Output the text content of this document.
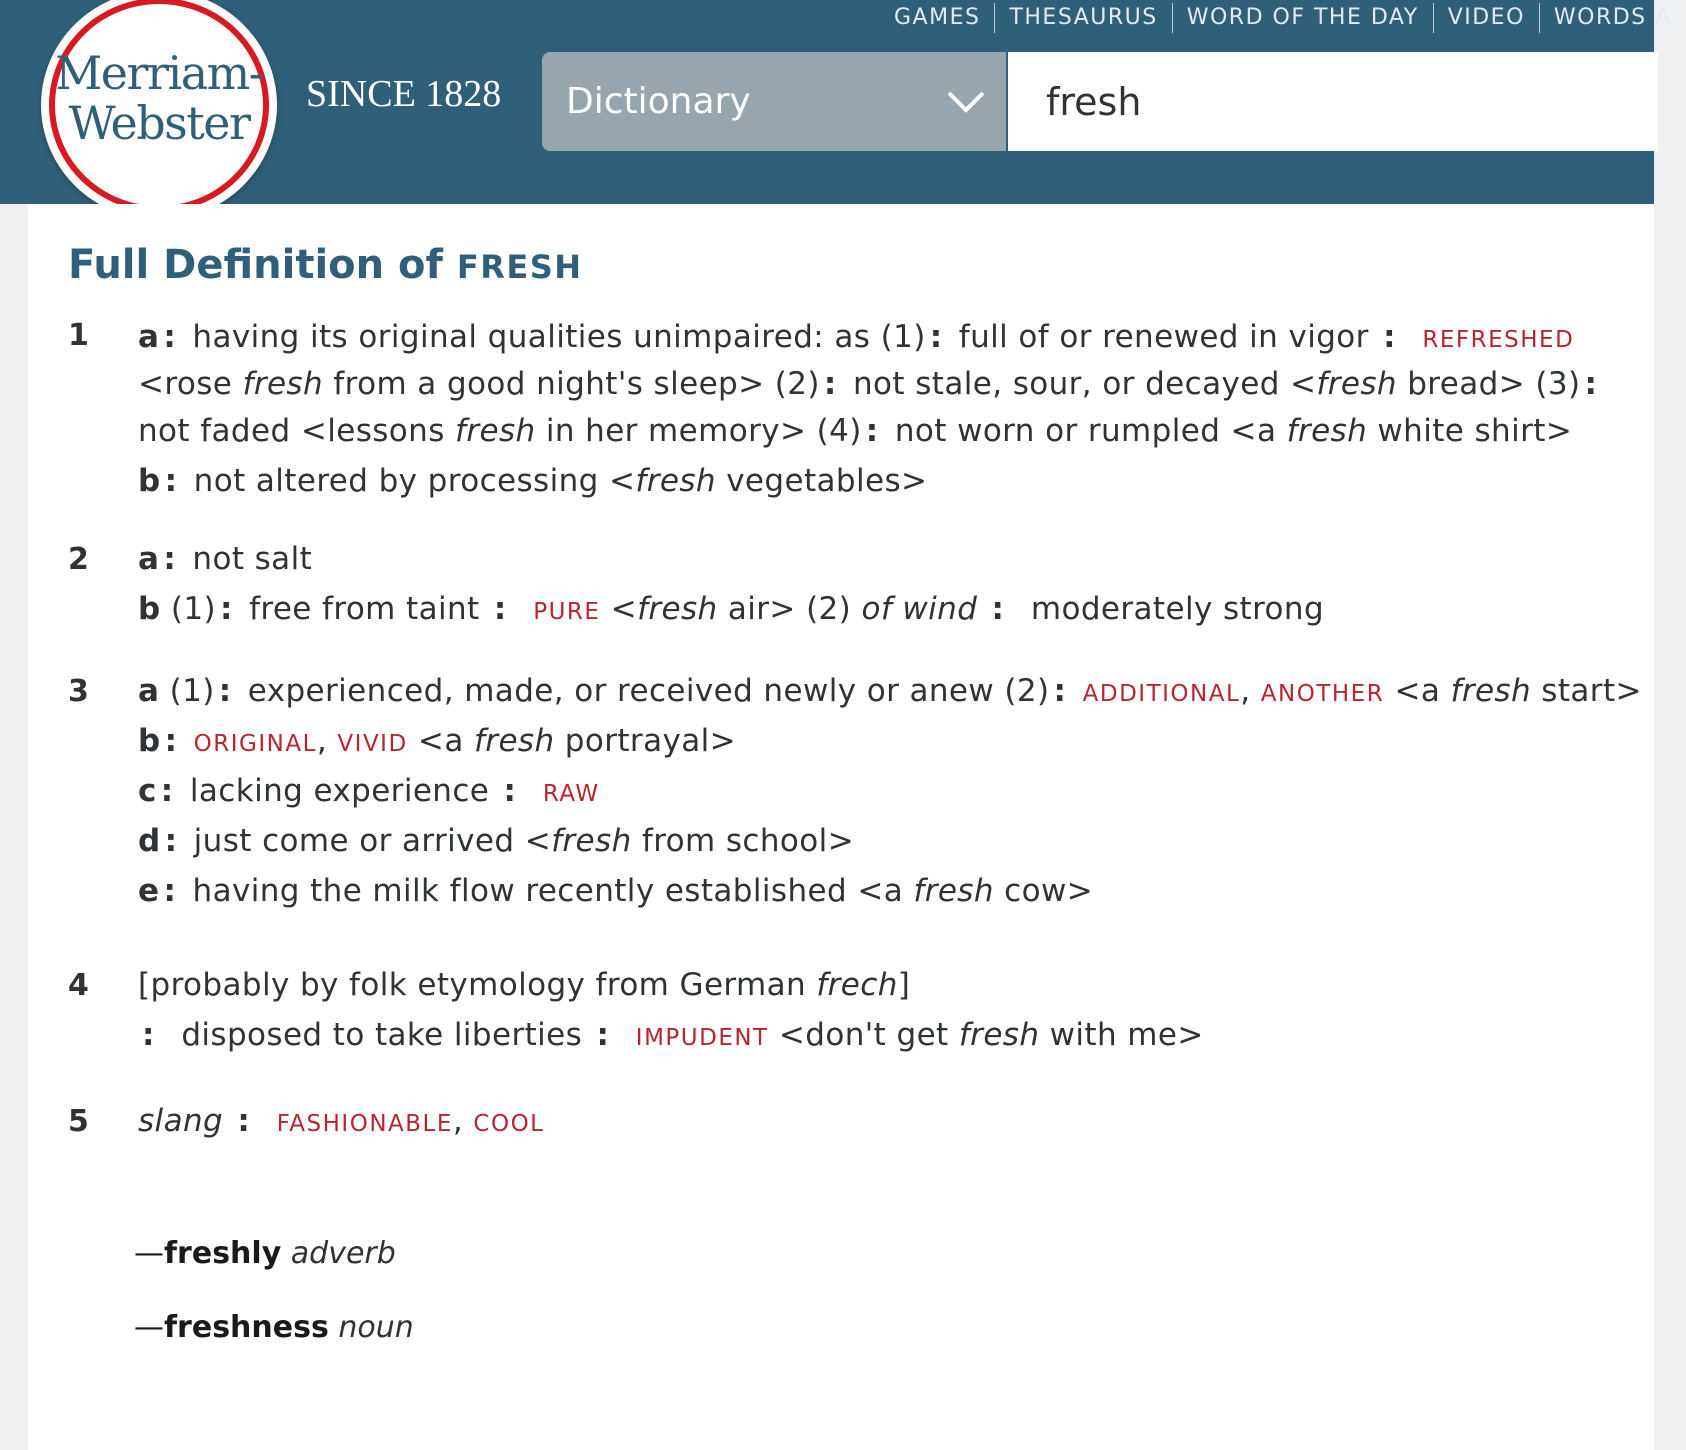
GAMES	THESAURUS	WORD OF THE DAY	VIDEO	WORDS A
Merriam-
Webster
SINCE 1828 Dictionary
fresh
Full Definition of FRESH
1 a : having its original qualities unimpaired: as (1) : full of or renewed in vigor : REFRESHED
<rose fresh from a good night's sleep> (2) : not stale, sour, or decayed <fresh bread> (3) :
not faded <lessons fresh in her memory> (4) : not worn or rumpled <a fresh white shirt>
b : not altered by processing <fresh vegetables>
2 a : not salt
b (1) : free from taint : PURE <fresh air> (2) of wind : moderately strong
3 a (1) : experienced, made, or received newly or anew (2) : ADDITIONAL, ANOTHER <a fresh start>
b : ORIGINAL, VIVID <a fresh portrayal>
c : lacking experience : RAW
d : just come or arrived <fresh from school>
e : having the milk flow recently established <a fresh cow>
4 [probably by folk etymology from German frech]
: disposed to take liberties : IMPUDENT <don't get fresh with me>
5 slang : FASHIONABLE, COOL
—freshly adverb
—freshness noun
